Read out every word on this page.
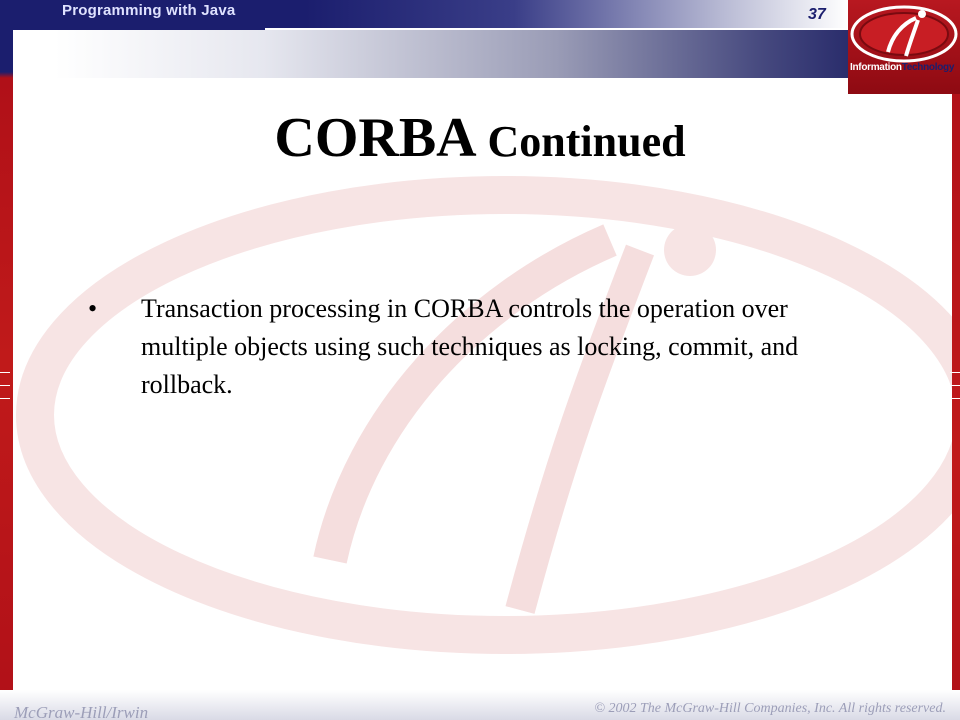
Programming with Java	37
InformationTechnology
CORBA Continued
• Transaction processing in CORBA controls the operation over multiple objects using such techniques as locking, commit, and rollback.
McGraw-Hill/Irwin	© 2002 The McGraw-Hill Companies, Inc. All rights reserved.
